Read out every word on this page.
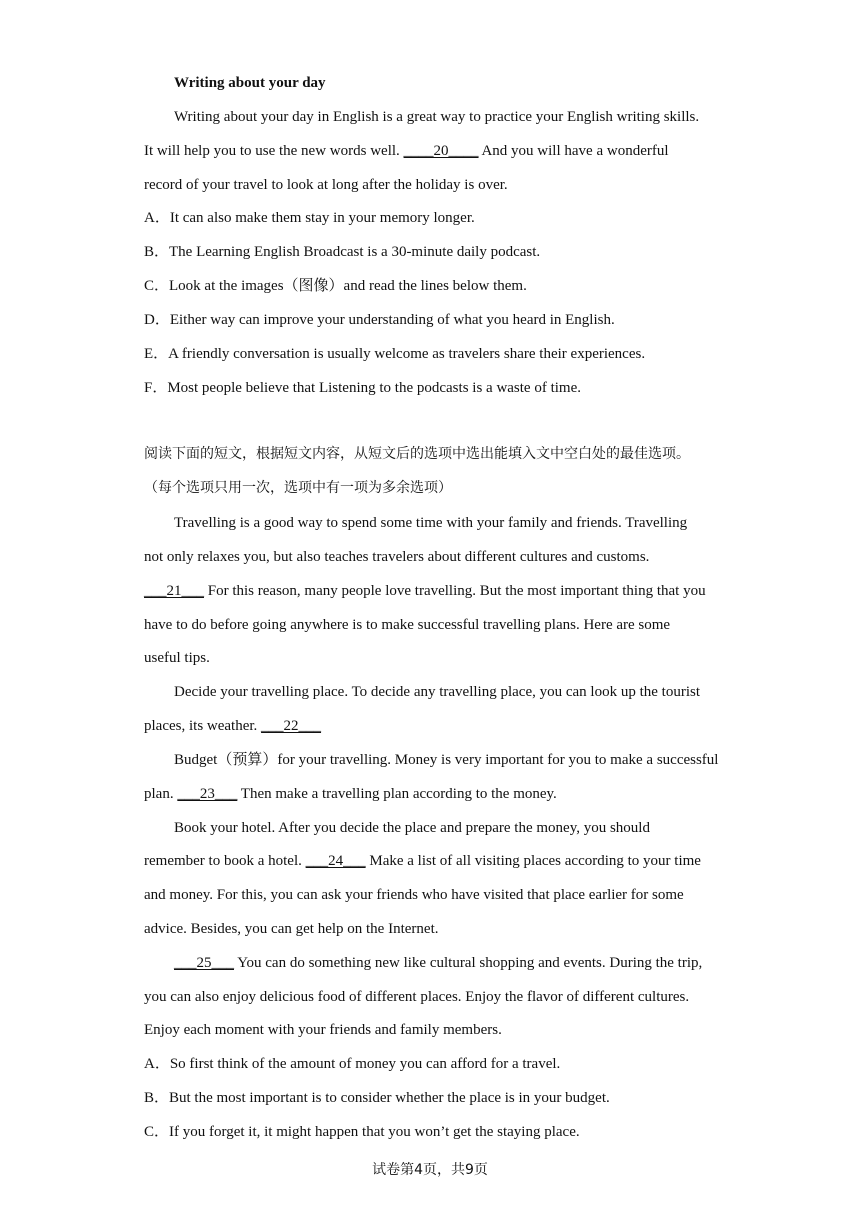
Writing about your day
Writing about your day in English is a great way to practice your English writing skills.
It will help you to use the new words well. ____20____ And you will have a wonderful
record of your travel to look at long after the holiday is over.
A．It can also make them stay in your memory longer.
B．The Learning English Broadcast is a 30-minute daily podcast.
C．Look at the images（图像）and read the lines below them.
D．Either way can improve your understanding of what you heard in English.
E．A friendly conversation is usually welcome as travelers share their experiences.
F．Most people believe that Listening to the podcasts is a waste of time.
阅读下面的短文，根据短文内容，从短文后的选项中选出能填入文中空白处的最佳选项。
（每个选项只用一次，选项中有一项为多余选项）
Travelling is a good way to spend some time with your family and friends. Travelling
not only relaxes you, but also teaches travelers about different cultures and customs.
___21___ For this reason, many people love travelling. But the most important thing that you
have to do before going anywhere is to make successful travelling plans. Here are some
useful tips.
Decide your travelling place. To decide any travelling place, you can look up the tourist
places, its weather. ___22___
Budget（预算）for your travelling. Money is very important for you to make a successful
plan. ___23___ Then make a travelling plan according to the money.
Book your hotel. After you decide the place and prepare the money, you should
remember to book a hotel. ___24___ Make a list of all visiting places according to your time
and money. For this, you can ask your friends who have visited that place earlier for some
advice. Besides, you can get help on the Internet.
___25___ You can do something new like cultural shopping and events. During the trip,
you can also enjoy delicious food of different places. Enjoy the flavor of different cultures.
Enjoy each moment with your friends and family members.
A．So first think of the amount of money you can afford for a travel.
B．But the most important is to consider whether the place is in your budget.
C．If you forget it, it might happen that you won’t get the staying place.
试卷第4页，共9页
